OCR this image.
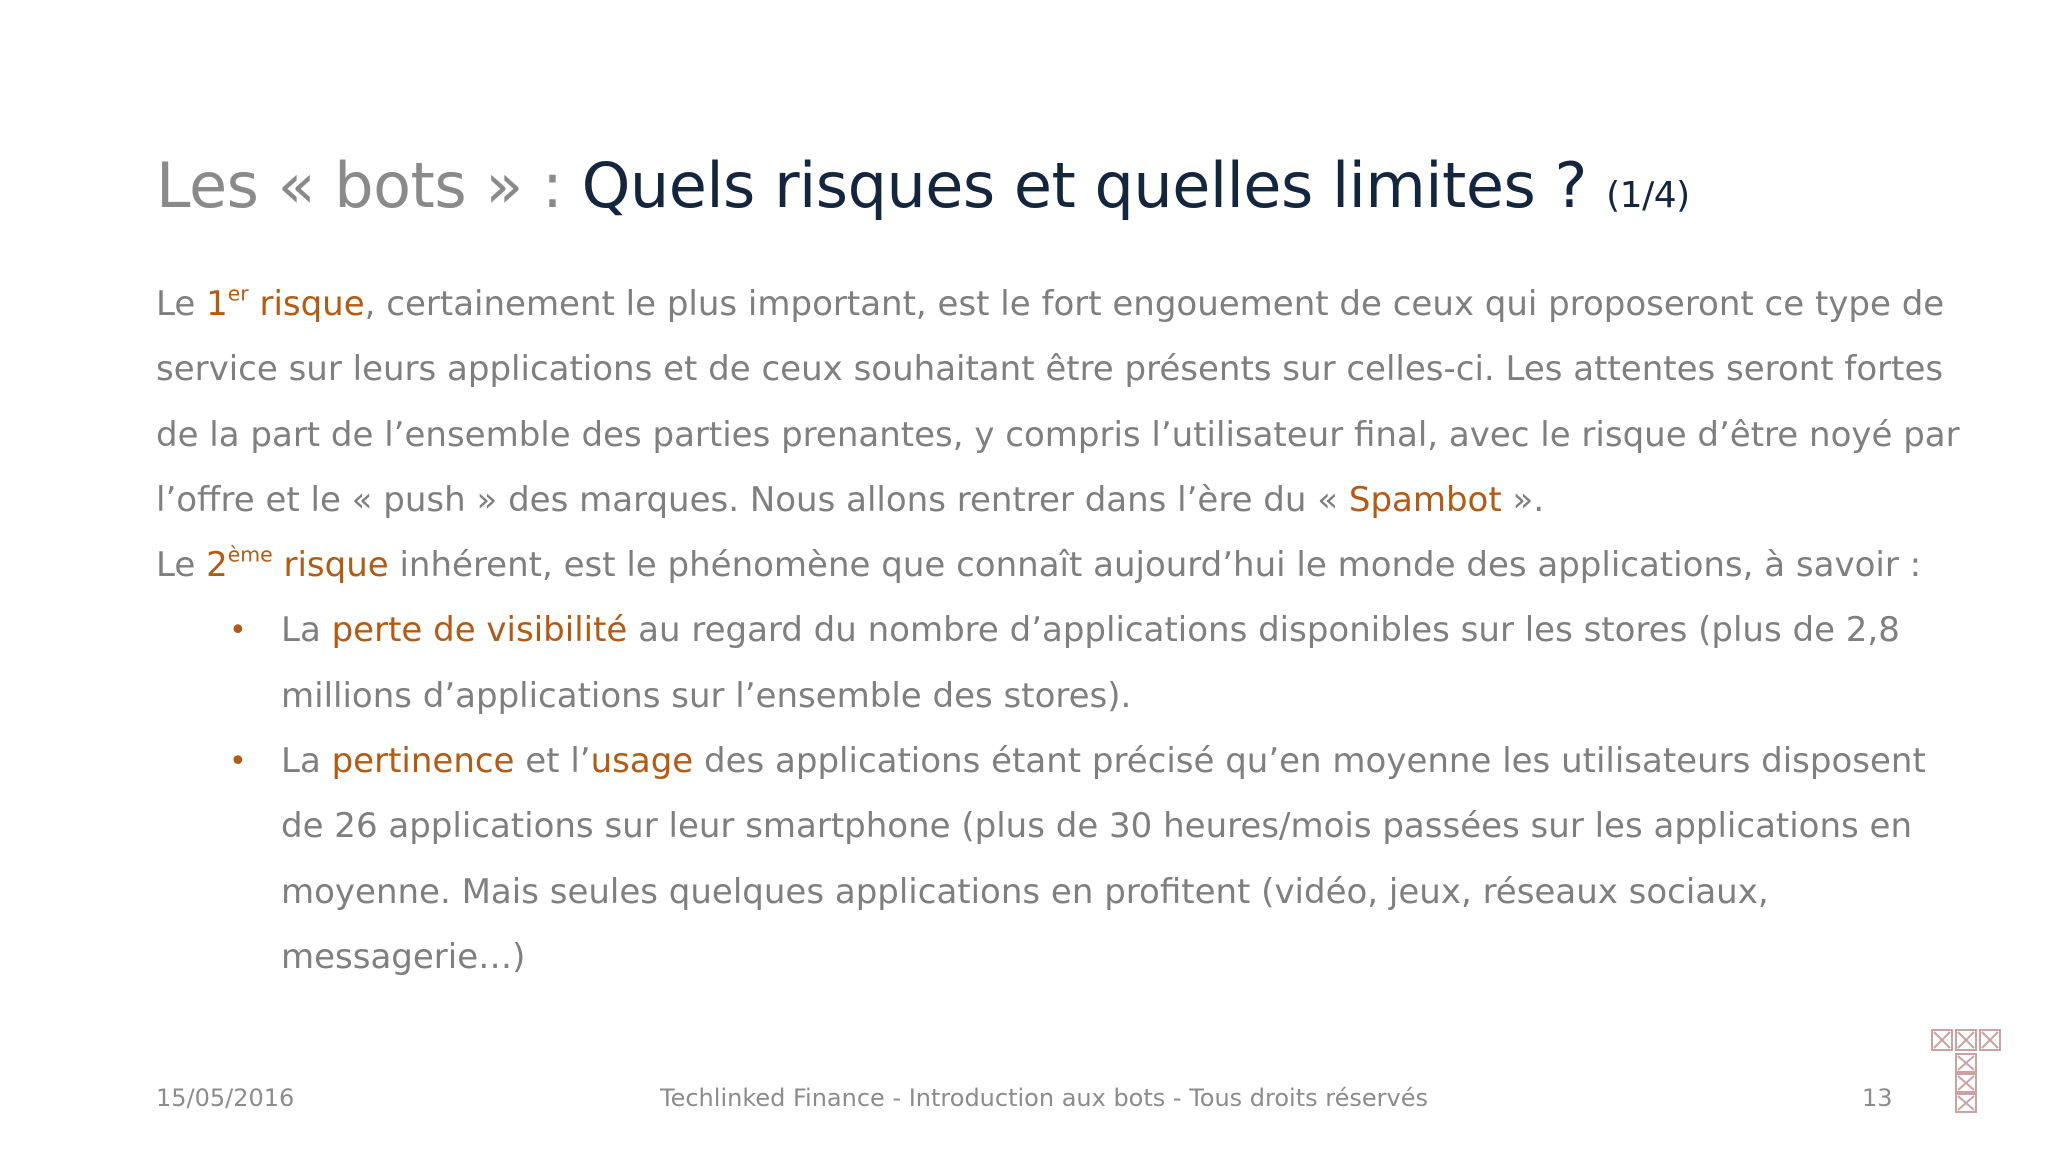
Les « bots » : Quels risques et quelles limites ? (1/4)

Le 1er risque, certainement le plus important, est le fort engouement de ceux qui proposeront ce type de service sur leurs applications et de ceux souhaitant être présents sur celles-ci. Les attentes seront fortes de la part de l’ensemble des parties prenantes, y compris l’utilisateur final, avec le risque d’être noyé par l’offre et le « push » des marques. Nous allons rentrer dans l’ère du « Spambot ».

Le 2ème risque inhérent, est le phénomène que connaît aujourd’hui le monde des applications, à savoir :

• La perte de visibilité au regard du nombre d’applications disponibles sur les stores (plus de 2,8 millions d’applications sur l’ensemble des stores).
• La pertinence et l’usage des applications étant précisé qu’en moyenne les utilisateurs disposent de 26 applications sur leur smartphone (plus de 30 heures/mois passées sur les applications en moyenne. Mais seules quelques applications en profitent (vidéo, jeux, réseaux sociaux, messagerie…)
15/05/2016	Techlinked Finance - Introduction aux bots - Tous droits réservés	13
